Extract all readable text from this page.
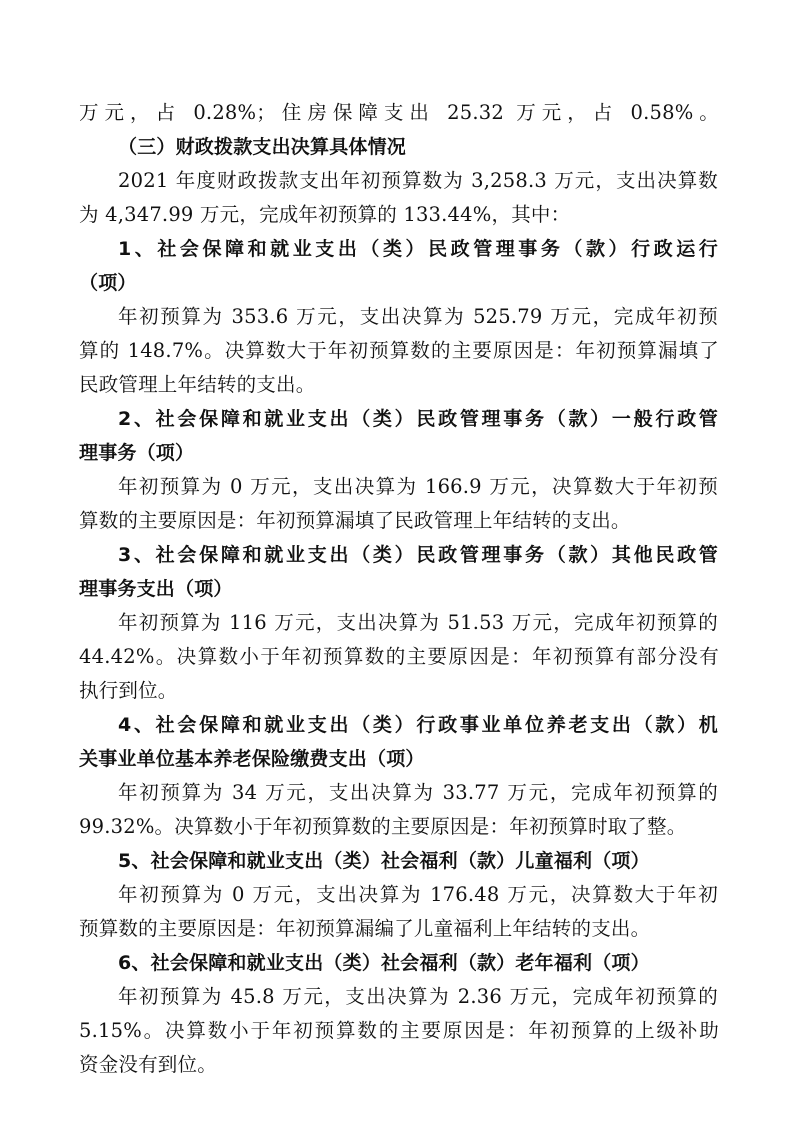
万元，占 0.28%；住房保障支出 25.32 万元，占 0.58%。
（三）财政拨款支出决算具体情况
2021 年度财政拨款支出年初预算数为 3,258.3 万元，支出决算数
为 4,347.99 万元，完成年初预算的 133.44%，其中：
1、社会保障和就业支出（类）民政管理事务（款）行政运行
（项）
年初预算为 353.6 万元，支出决算为 525.79 万元，完成年初预
算的 148.7%。决算数大于年初预算数的主要原因是：年初预算漏填了
民政管理上年结转的支出。
2、社会保障和就业支出（类）民政管理事务（款）一般行政管
理事务（项）
年初预算为 0 万元，支出决算为 166.9 万元，决算数大于年初预
算数的主要原因是：年初预算漏填了民政管理上年结转的支出。
3、社会保障和就业支出（类）民政管理事务（款）其他民政管
理事务支出（项）
年初预算为 116 万元，支出决算为 51.53 万元，完成年初预算的
44.42%。决算数小于年初预算数的主要原因是：年初预算有部分没有
执行到位。
4、社会保障和就业支出（类）行政事业单位养老支出（款）机
关事业单位基本养老保险缴费支出（项）
年初预算为 34 万元，支出决算为 33.77 万元，完成年初预算的
99.32%。决算数小于年初预算数的主要原因是：年初预算时取了整。
5、社会保障和就业支出（类）社会福利（款）儿童福利（项）
年初预算为 0 万元，支出决算为 176.48 万元，决算数大于年初
预算数的主要原因是：年初预算漏编了儿童福利上年结转的支出。
6、社会保障和就业支出（类）社会福利（款）老年福利（项）
年初预算为 45.8 万元，支出决算为 2.36 万元，完成年初预算的
5.15%。决算数小于年初预算数的主要原因是：年初预算的上级补助
资金没有到位。
